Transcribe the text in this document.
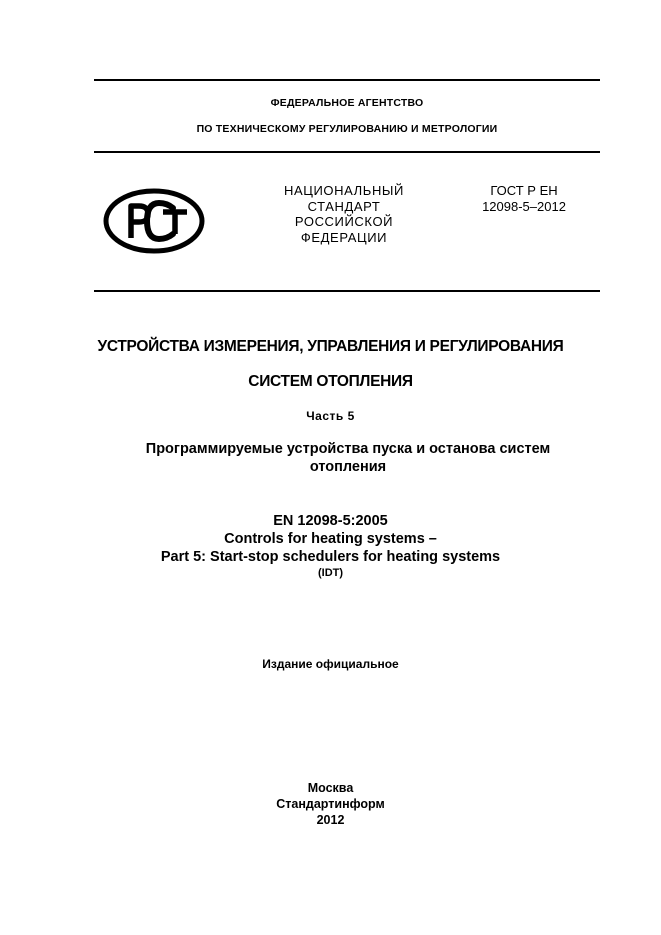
ФЕДЕРАЛЬНОЕ АГЕНТСТВО
ПО ТЕХНИЧЕСКОМУ РЕГУЛИРОВАНИЮ И МЕТРОЛОГИИ
НАЦИОНАЛЬНЫЙ
СТАНДАРТ
РОССИЙСКОЙ
ФЕДЕРАЦИИ
ГОСТ Р ЕН
12098-5–2012
УСТРОЙСТВА ИЗМЕРЕНИЯ, УПРАВЛЕНИЯ И РЕГУЛИРОВАНИЯ
СИСТЕМ ОТОПЛЕНИЯ
Часть 5
Программируемые устройства пуска и останова систем отопления
EN 12098-5:2005
Controls for heating systems –
Part 5: Start-stop schedulers for heating systems
(IDT)
Издание официальное
Москва
Стандартинформ
2012
